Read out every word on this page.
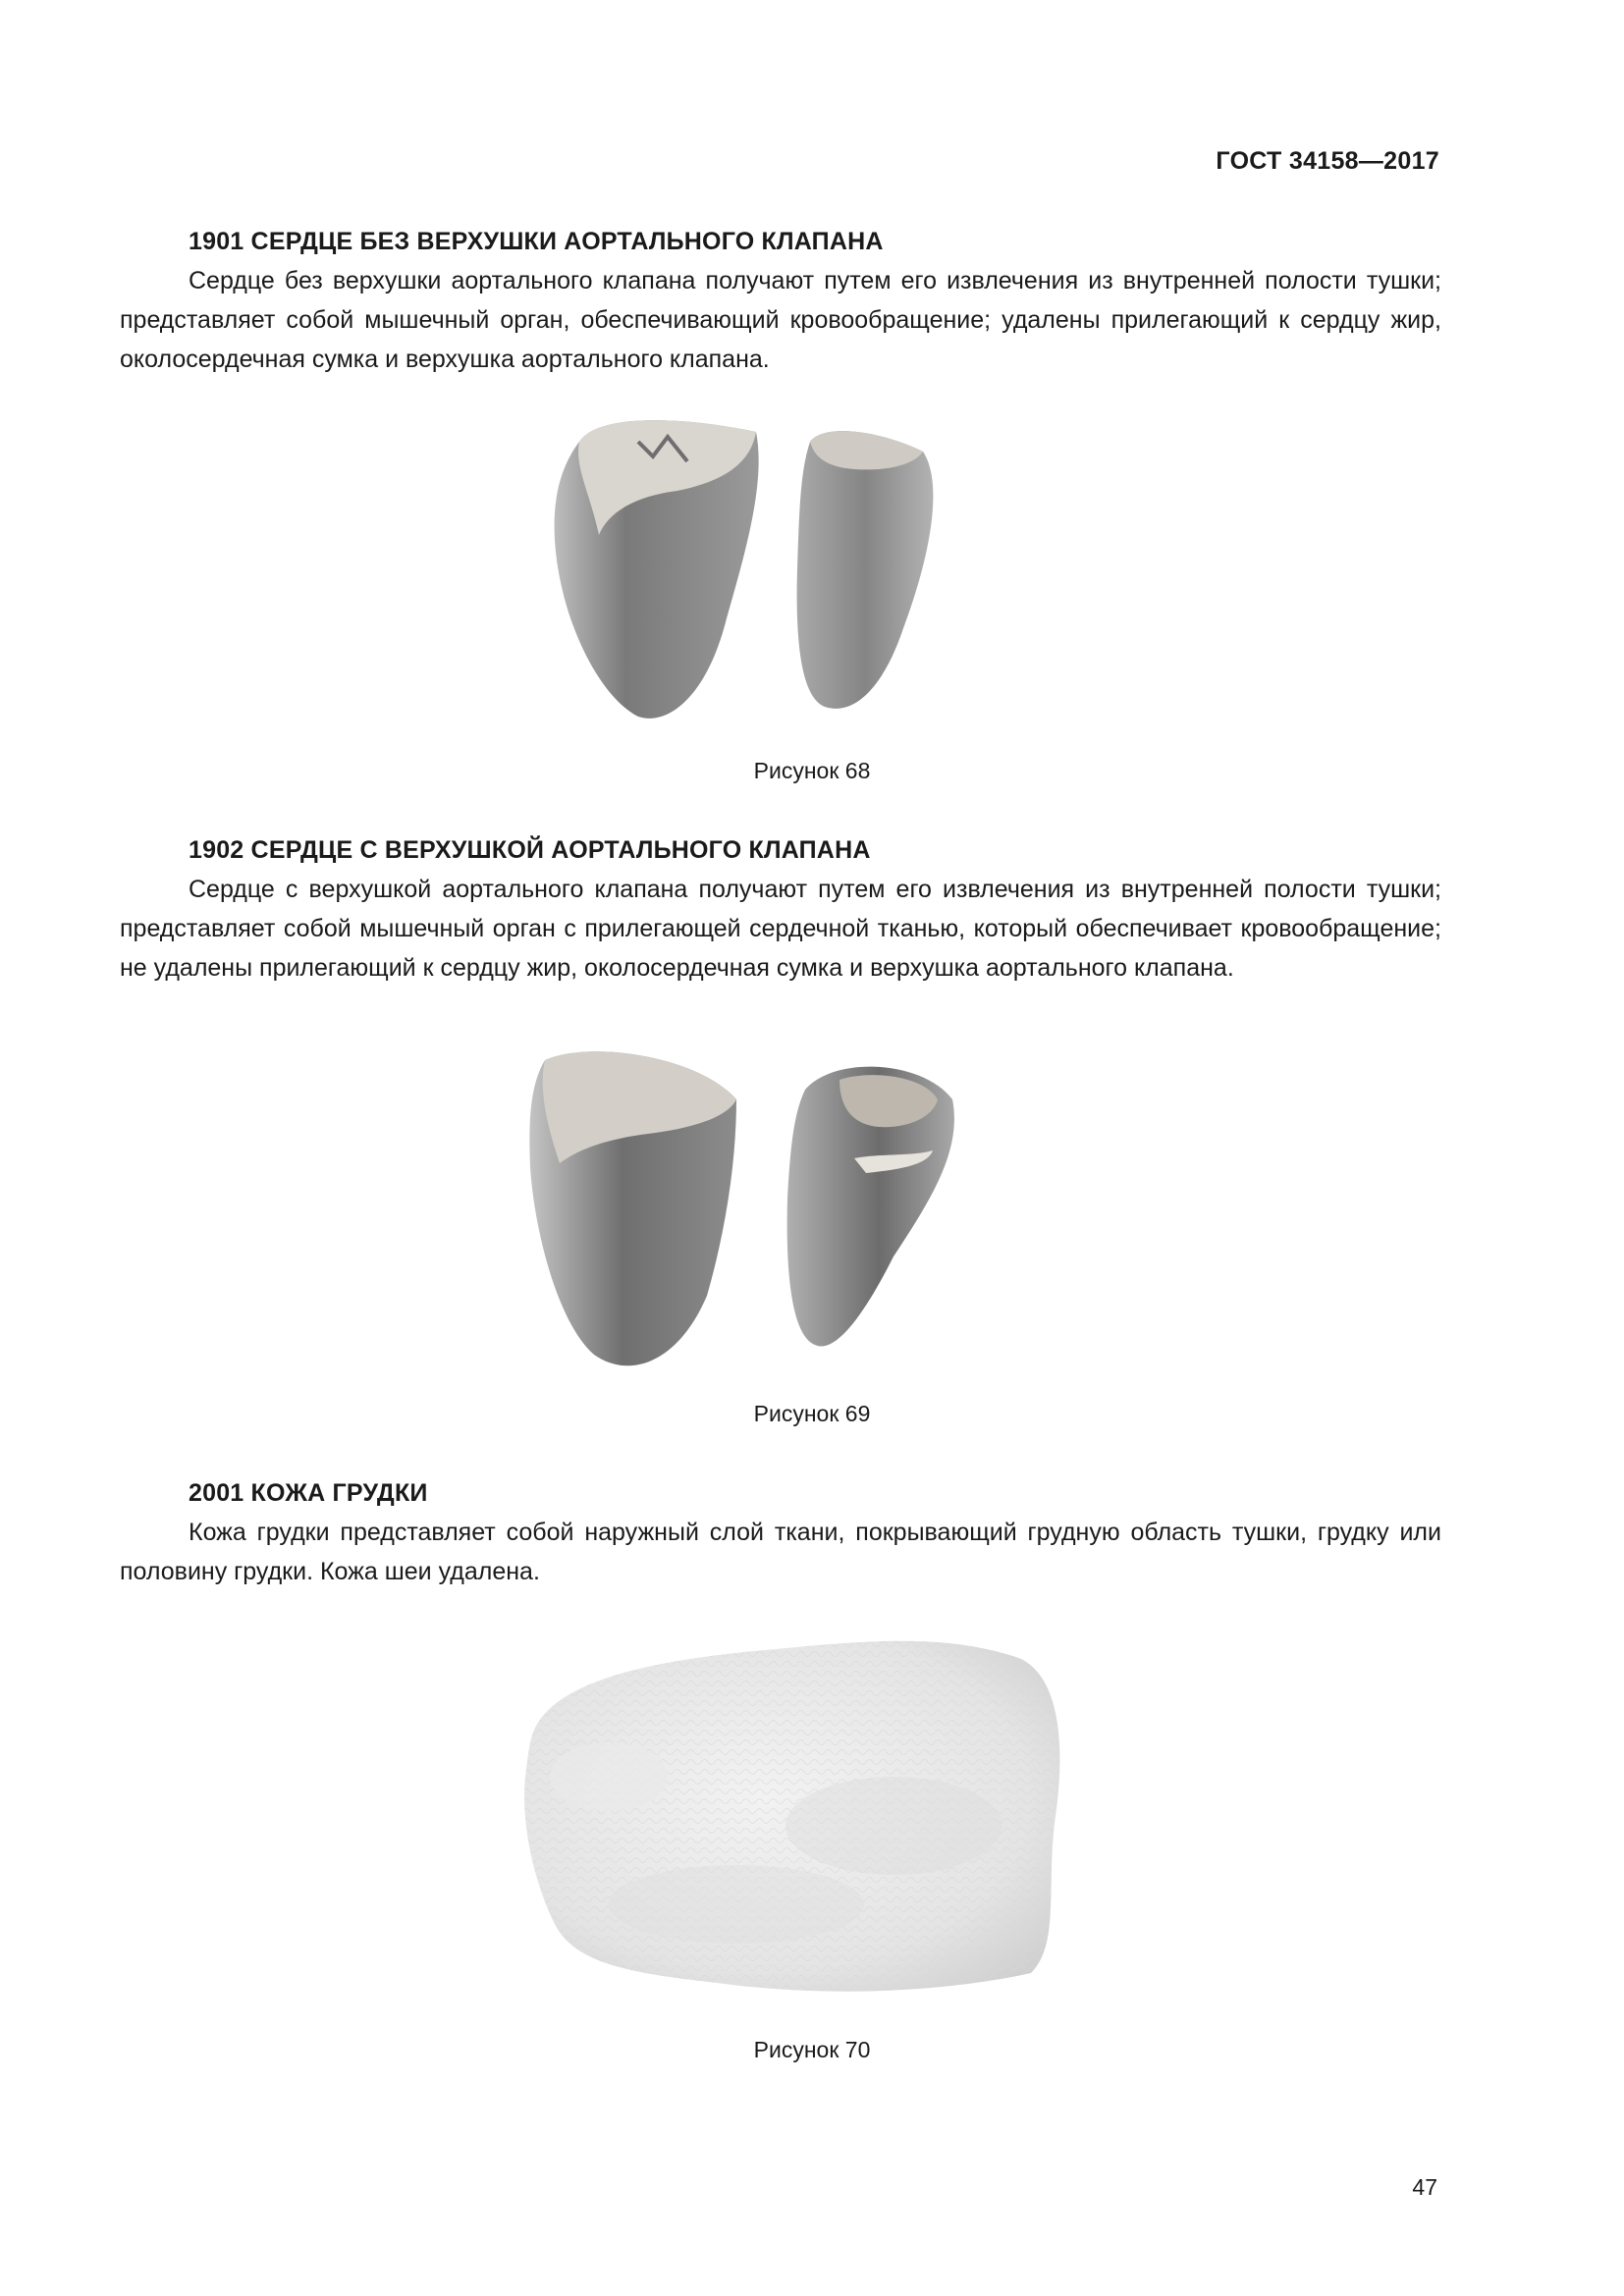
ГОСТ 34158—2017
1901 СЕРДЦЕ БЕЗ ВЕРХУШКИ АОРТАЛЬНОГО КЛАПАНА

Сердце без верхушки аортального клапана получают путем его извлечения из внутренней полости тушки; представляет собой мышечный орган, обеспечивающий кровообращение; удалены прилегающий к сердцу жир, околосердечная сумка и верхушка аортального клапана.

Рисунок 68
1902 СЕРДЦЕ С ВЕРХУШКОЙ АОРТАЛЬНОГО КЛАПАНА

Сердце с верхушкой аортального клапана получают путем его извлечения из внутренней полости тушки; представляет собой мышечный орган с прилегающей сердечной тканью, который обеспечивает кровообращение; не удалены прилегающий к сердцу жир, околосердечная сумка и верхушка аортального клапана.

Рисунок 69
2001 КОЖА ГРУДКИ

Кожа грудки представляет собой наружный слой ткани, покрывающий грудную область тушки, грудку или половину грудки. Кожа шеи удалена.

Рисунок 70
47
